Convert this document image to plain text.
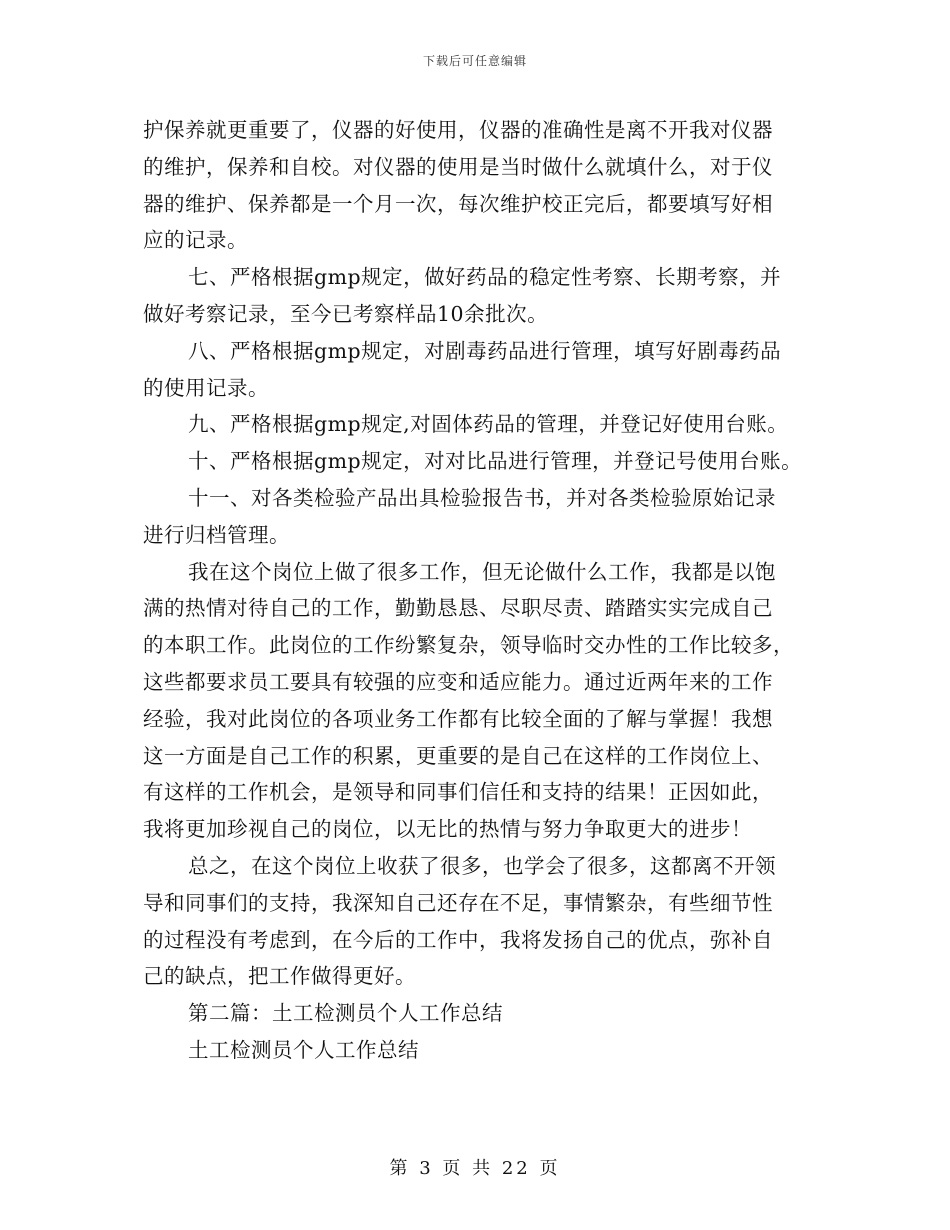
下载后可任意编辑
护保养就更重要了，仪器的好使用，仪器的准确性是离不开我对仪器
的维护，保养和自校。对仪器的使用是当时做什么就填什么，对于仪
器的维护、保养都是一个月一次，每次维护校正完后，都要填写好相
应的记录。
七、严格根据gmp规定，做好药品的稳定性考察、长期考察，并
做好考察记录，至今已考察样品10余批次。
八、严格根据gmp规定，对剧毒药品进行管理，填写好剧毒药品
的使用记录。
九、严格根据gmp规定,对固体药品的管理，并登记好使用台账。
十、严格根据gmp规定，对对比品进行管理，并登记号使用台账。
十一、对各类检验产品出具检验报告书，并对各类检验原始记录
进行归档管理。
我在这个岗位上做了很多工作，但无论做什么工作，我都是以饱
满的热情对待自己的工作，勤勤恳恳、尽职尽责、踏踏实实完成自己
的本职工作。此岗位的工作纷繁复杂，领导临时交办性的工作比较多，
这些都要求员工要具有较强的应变和适应能力。通过近两年来的工作
经验，我对此岗位的各项业务工作都有比较全面的了解与掌握！我想
这一方面是自己工作的积累，更重要的是自己在这样的工作岗位上、
有这样的工作机会，是领导和同事们信任和支持的结果！正因如此，
我将更加珍视自己的岗位，以无比的热情与努力争取更大的进步！
总之，在这个岗位上收获了很多，也学会了很多，这都离不开领
导和同事们的支持，我深知自己还存在不足，事情繁杂，有些细节性
的过程没有考虑到，在今后的工作中，我将发扬自己的优点，弥补自
己的缺点，把工作做得更好。
第二篇：土工检测员个人工作总结
土工检测员个人工作总结
第 3 页 共 22 页
